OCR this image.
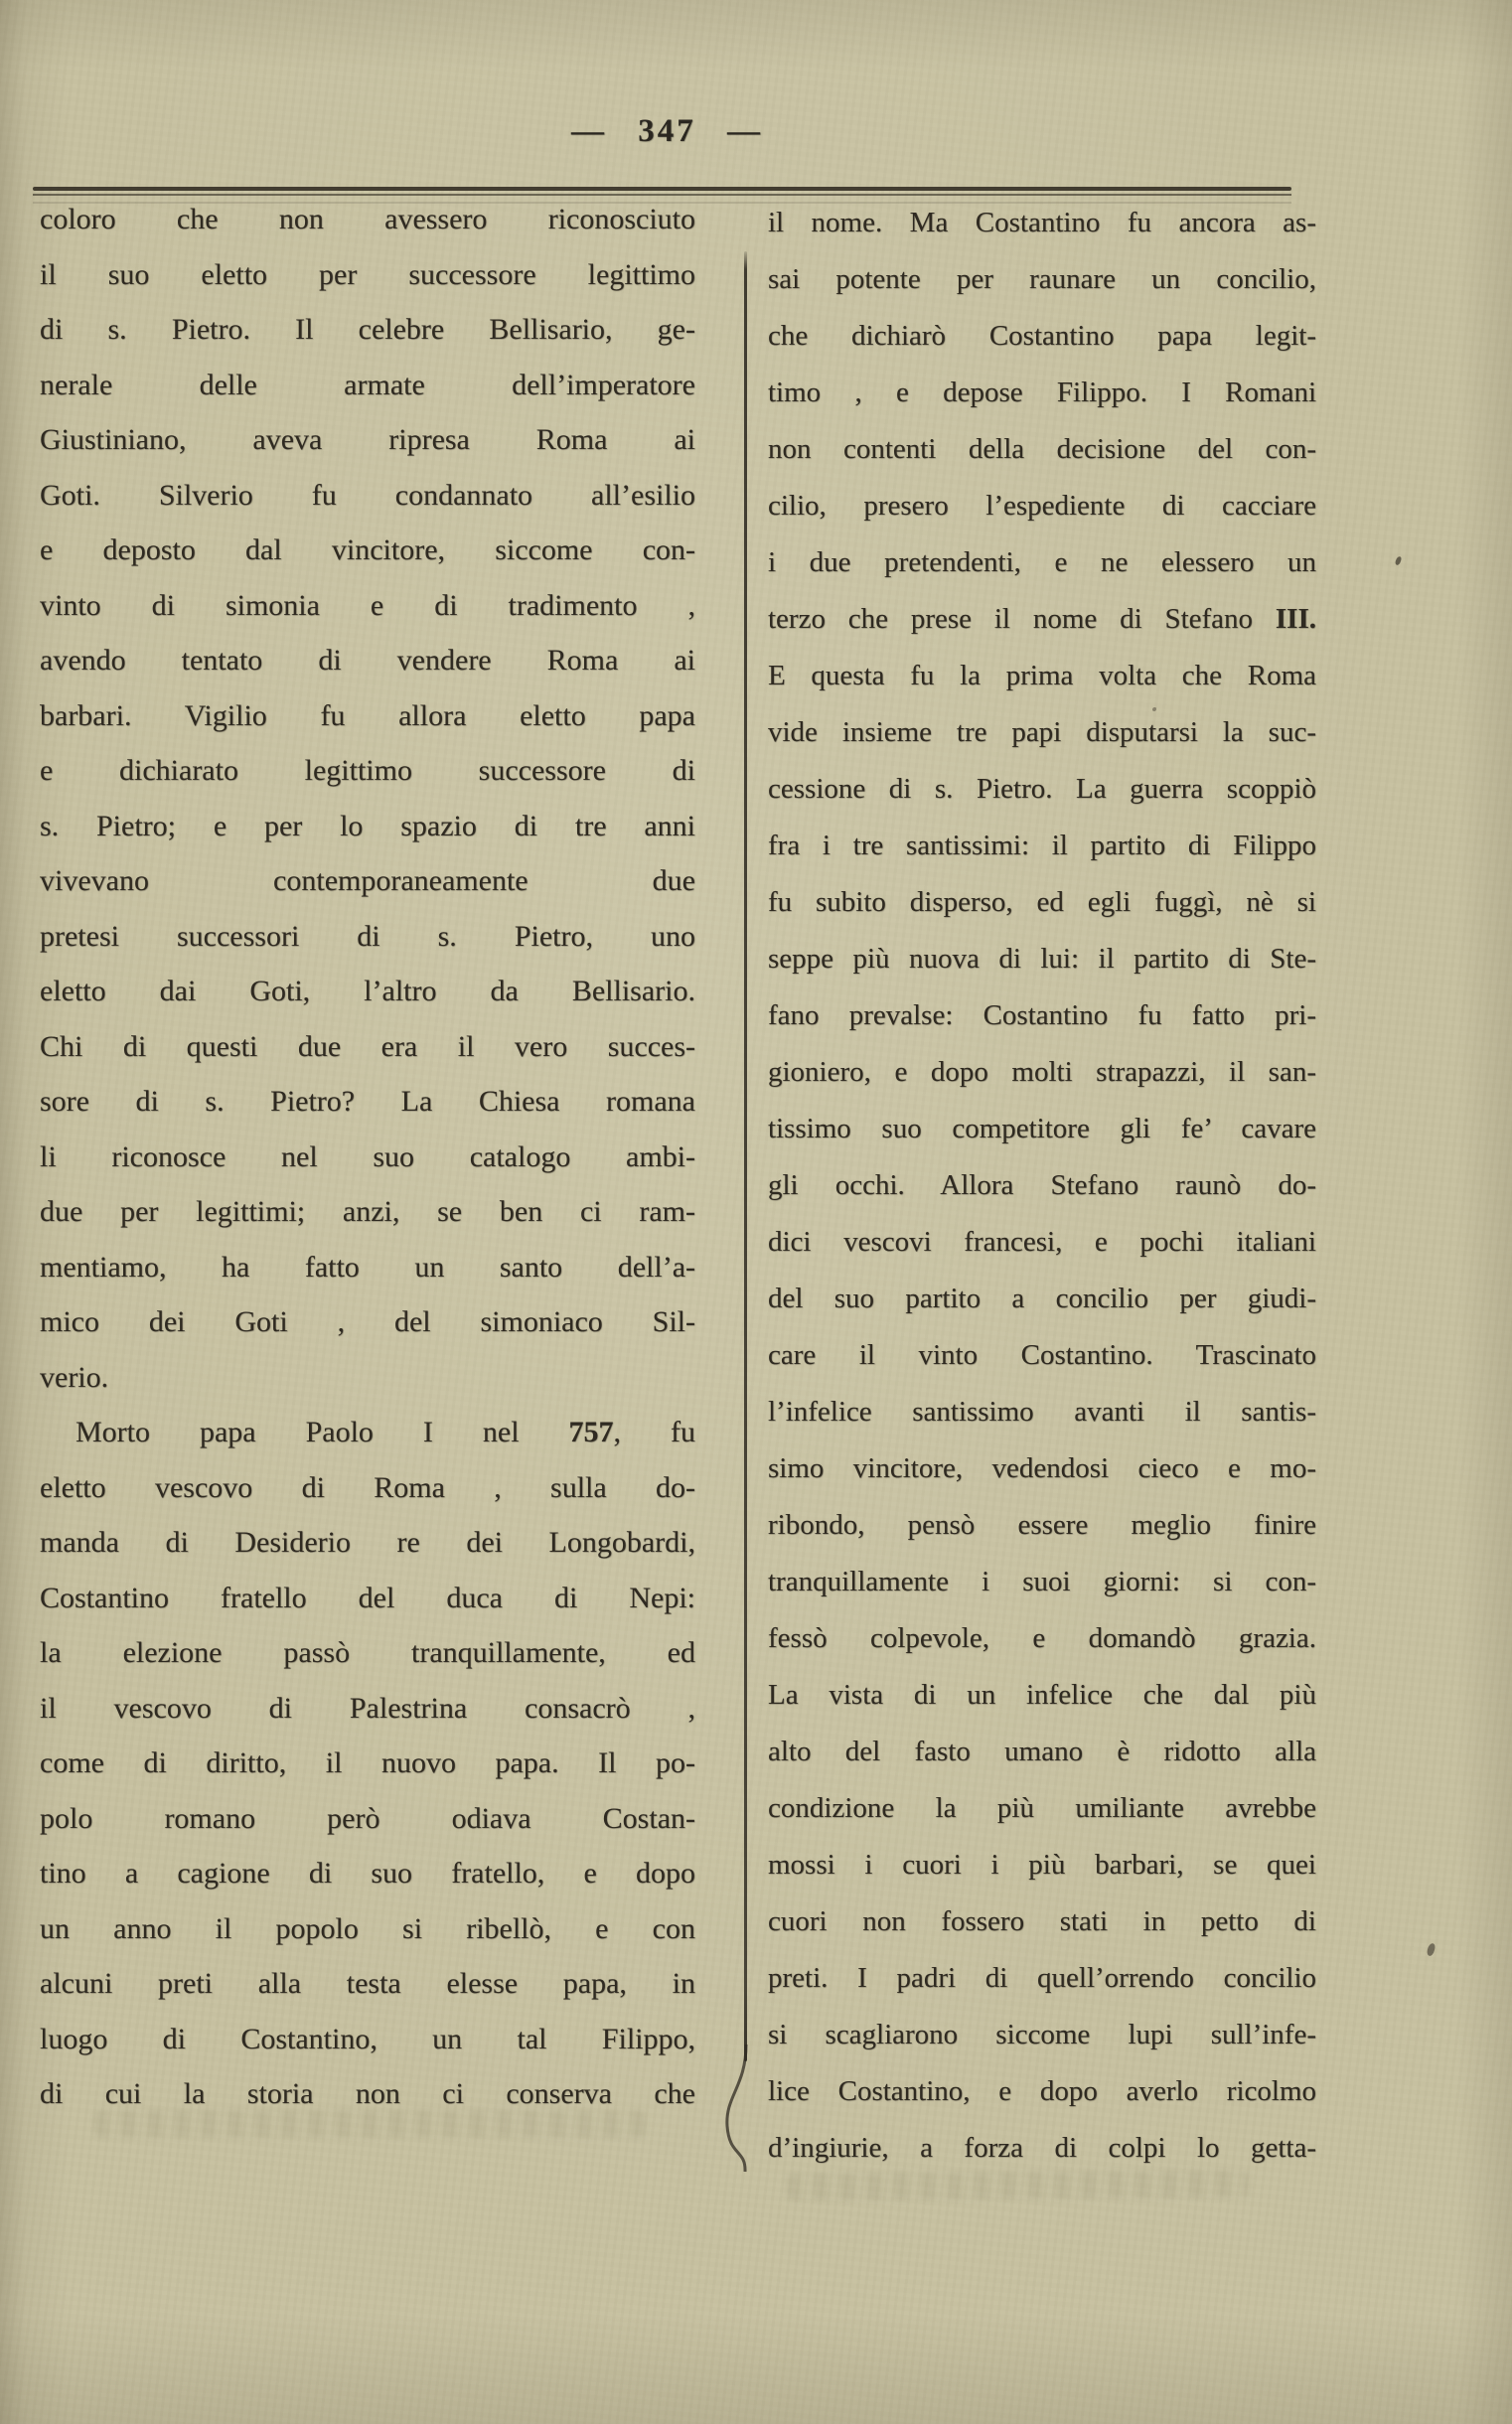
— 347 —
coloro che non avessero riconosciuto
il suo eletto per successore legittimo
di s. Pietro. Il celebre Bellisario, ge-
nerale delle armate dell’imperatore
Giustiniano, aveva ripresa Roma ai
Goti. Silverio fu condannato all’esilio
e deposto dal vincitore, siccome con-
vinto di simonia e di tradimento ,
avendo tentato di vendere Roma ai
barbari. Vigilio fu allora eletto papa
e dichiarato legittimo successore di
s. Pietro; e per lo spazio di tre anni
vivevano contemporaneamente due
pretesi successori di s. Pietro, uno
eletto dai Goti, l’altro da Bellisario.
Chi di questi due era il vero succes-
sore di s. Pietro? La Chiesa romana
li riconosce nel suo catalogo ambi-
due per legittimi; anzi, se ben ci ram-
mentiamo, ha fatto un santo dell’a-
mico dei Goti , del simoniaco Sil-
verio.
Morto papa Paolo I nel 757, fu
eletto vescovo di Roma , sulla do-
manda di Desiderio re dei Longobardi,
Costantino fratello del duca di Nepi:
la elezione passò tranquillamente, ed
il vescovo di Palestrina consacrò ,
come di diritto, il nuovo papa. Il po-
polo romano però odiava Costan-
tino a cagione di suo fratello, e dopo
un anno il popolo si ribellò, e con
alcuni preti alla testa elesse papa, in
luogo di Costantino, un tal Filippo,
di cui la storia non ci conserva che
il nome. Ma Costantino fu ancora as-
sai potente per raunare un concilio,
che dichiarò Costantino papa legit-
timo , e depose Filippo. I Romani
non contenti della decisione del con-
cilio, presero l’espediente di cacciare
i due pretendenti, e ne elessero un
terzo che prese il nome di Stefano III.
E questa fu la prima volta che Roma
vide insieme tre papi disputarsi la suc-
cessione di s. Pietro. La guerra scoppiò
fra i tre santissimi: il partito di Filippo
fu subito disperso, ed egli fuggì, nè si
seppe più nuova di lui: il partito di Ste-
fano prevalse: Costantino fu fatto pri-
gioniero, e dopo molti strapazzi, il san-
tissimo suo competitore gli fe’ cavare
gli occhi. Allora Stefano raunò do-
dici vescovi francesi, e pochi italiani
del suo partito a concilio per giudi-
care il vinto Costantino. Trascinato
l’infelice santissimo avanti il santis-
simo vincitore, vedendosi cieco e mo-
ribondo, pensò essere meglio finire
tranquillamente i suoi giorni: si con-
fessò colpevole, e domandò grazia.
La vista di un infelice che dal più
alto del fasto umano è ridotto alla
condizione la più umiliante avrebbe
mossi i cuori i più barbari, se quei
cuori non fossero stati in petto di
preti. I padri di quell’orrendo concilio
si scagliarono siccome lupi sull’infe-
lice Costantino, e dopo averlo ricolmo
d’ingiurie, a forza di colpi lo getta-
